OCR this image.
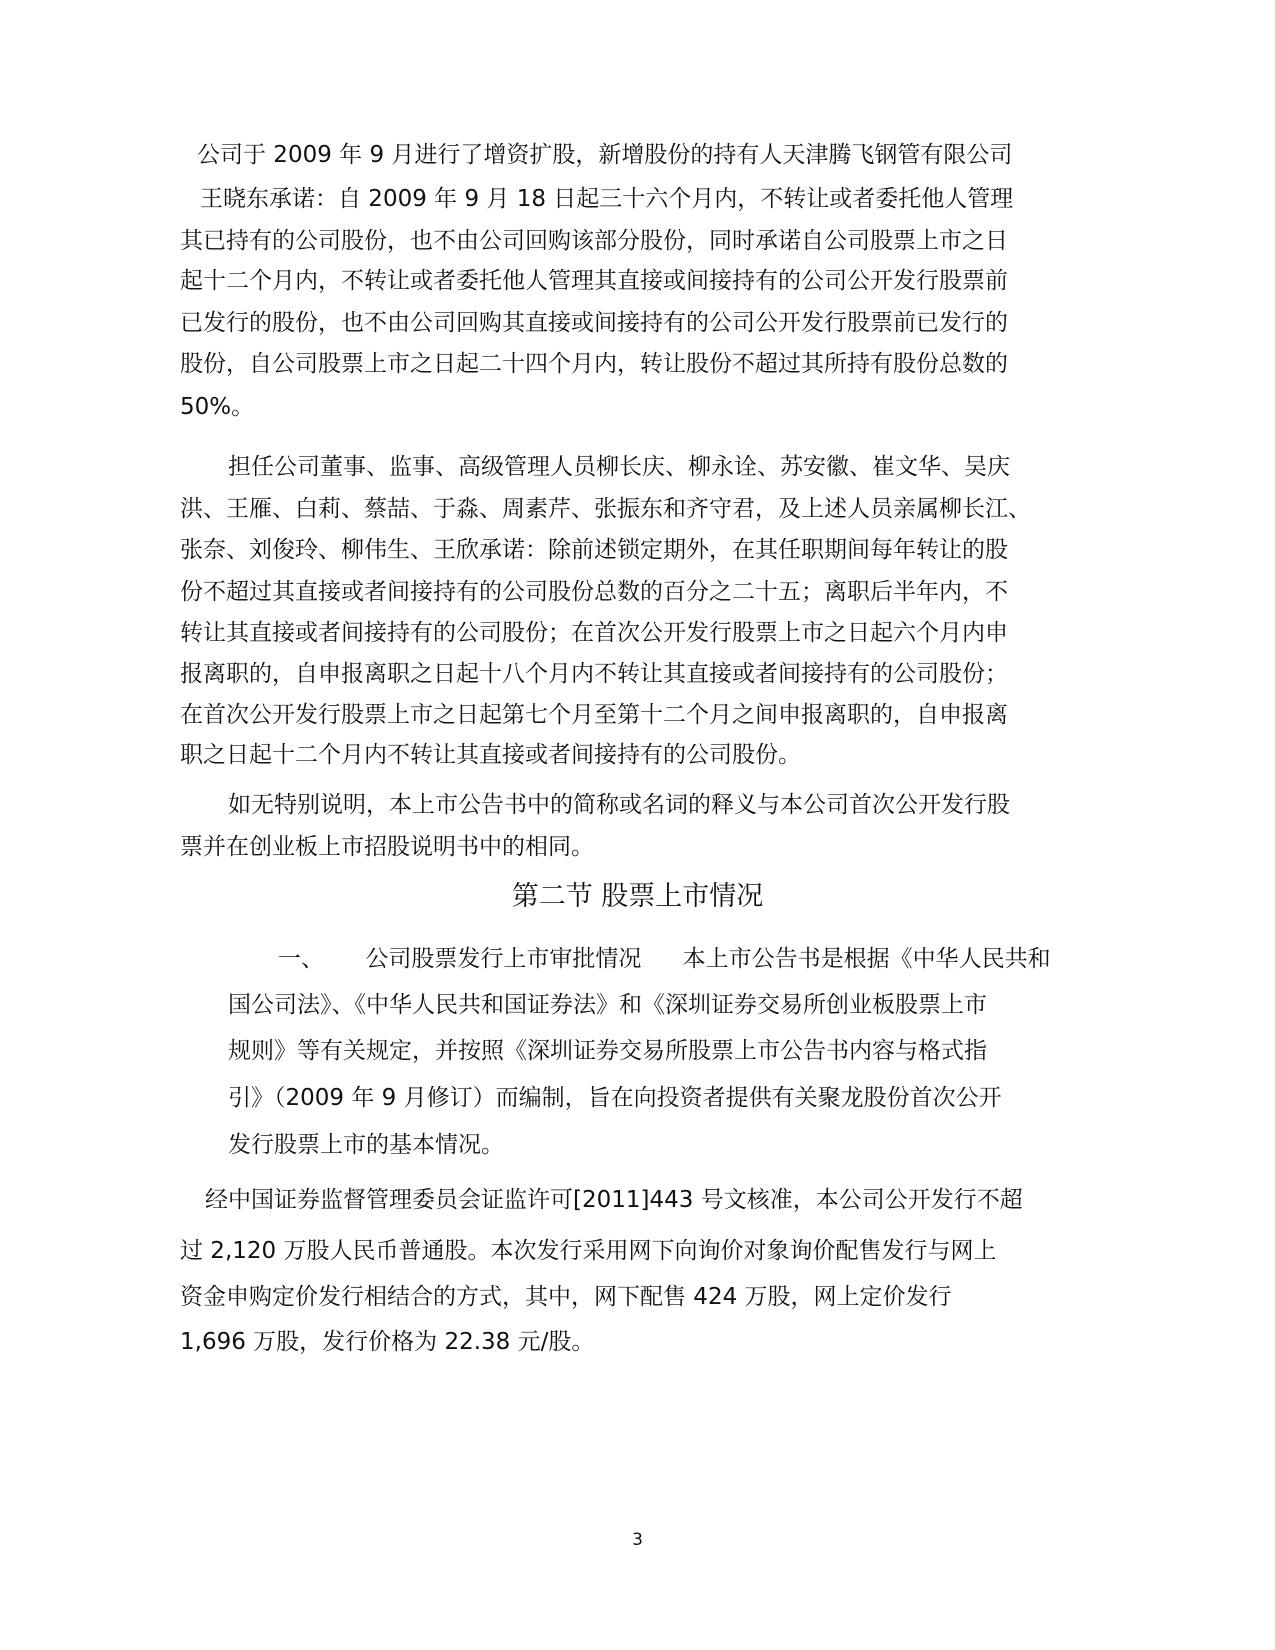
公司于 2009 年 9 月进行了增资扩股，新增股份的持有人天津腾飞钢管有限公司

王晓东承诺：自 2009 年 9 月 18 日起三十六个月内，不转让或者委托他人管理

其已持有的公司股份，也不由公司回购该部分股份，同时承诺自公司股票上市之日

起十二个月内，不转让或者委托他人管理其直接或间接持有的公司公开发行股票前

已发行的股份，也不由公司回购其直接或间接持有的公司公开发行股票前已发行的

股份，自公司股票上市之日起二十四个月内，转让股份不超过其所持有股份总数的

50%。

担任公司董事、监事、高级管理人员柳长庆、柳永诠、苏安徽、崔文华、吴庆

洪、王雁、白莉、蔡喆、于淼、周素芹、张振东和齐守君，及上述人员亲属柳长江、

张奈、刘俊玲、柳伟生、王欣承诺：除前述锁定期外，在其任职期间每年转让的股

份不超过其直接或者间接持有的公司股份总数的百分之二十五；离职后半年内，不

转让其直接或者间接持有的公司股份；在首次公开发行股票上市之日起六个月内申

报离职的，自申报离职之日起十八个月内不转让其直接或者间接持有的公司股份；

在首次公开发行股票上市之日起第七个月至第十二个月之间申报离职的，自申报离

职之日起十二个月内不转让其直接或者间接持有的公司股份。

如无特别说明，本上市公告书中的简称或名词的释义与本公司首次公开发行股

票并在创业板上市招股说明书中的相同。

第二节 股票上市情况
一、 公司股票发行上市审批情况 本上市公告书是根据《中华人民共和

国公司法》、《中华人民共和国证券法》和《深圳证券交易所创业板股票上市

规则》等有关规定，并按照《深圳证券交易所股票上市公告书内容与格式指

引》（2009 年 9 月修订）而编制，旨在向投资者提供有关聚龙股份首次公开

发行股票上市的基本情况。

经中国证券监督管理委员会证监许可[2011]443 号文核准，本公司公开发行不超

过 2,120 万股人民币普通股。本次发行采用网下向询价对象询价配售发行与网上

资金申购定价发行相结合的方式，其中，网下配售 424 万股，网上定价发行

1,696 万股，发行价格为 22.38 元/股。

3
